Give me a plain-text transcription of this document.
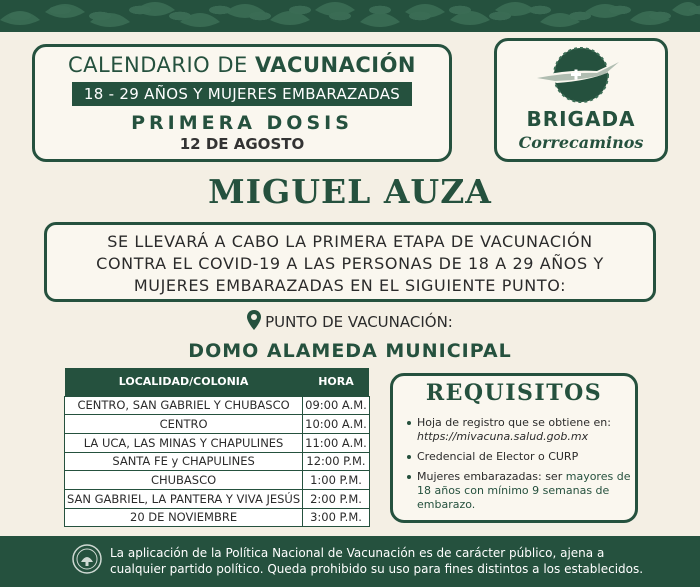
CALENDARIO DE VACUNACIÓN
18 - 29 AÑOS Y MUJERES EMBARAZADAS
PRIMERA DOSIS
12 DE AGOSTO
BRIGADA
Correcaminos
MIGUEL AUZA
SE LLEVARÁ A CABO LA PRIMERA ETAPA DE VACUNACIÓN
CONTRA EL COVID-19 A LAS PERSONAS DE 18 A 29 AÑOS Y
MUJERES EMBARAZADAS EN EL SIGUIENTE PUNTO:
PUNTO DE VACUNACIÓN:
DOMO ALAMEDA MUNICIPAL
LOCALIDAD/COLONIA	HORA
CENTRO, SAN GABRIEL Y CHUBASCO	09:00 A.M.
CENTRO	10:00 A.M.
LA UCA, LAS MINAS Y CHAPULINES	11:00 A.M.
SANTA FE y CHAPULINES	12:00 P.M.
CHUBASCO	1:00 P.M.
SAN GABRIEL, LA PANTERA Y VIVA JESÚS	2:00 P.M.
20 DE NOVIEMBRE	3:00 P.M.
REQUISITOS
Hoja de registro que se obtiene en: https://mivacuna.salud.gob.mx
Credencial de Elector o CURP
Mujeres embarazadas: ser mayores de 18 años con mínimo 9 semanas de embarazo.
La aplicación de la Política Nacional de Vacunación es de carácter público, ajena a
cualquier partido político. Queda prohibido su uso para fines distintos a los establecidos.
